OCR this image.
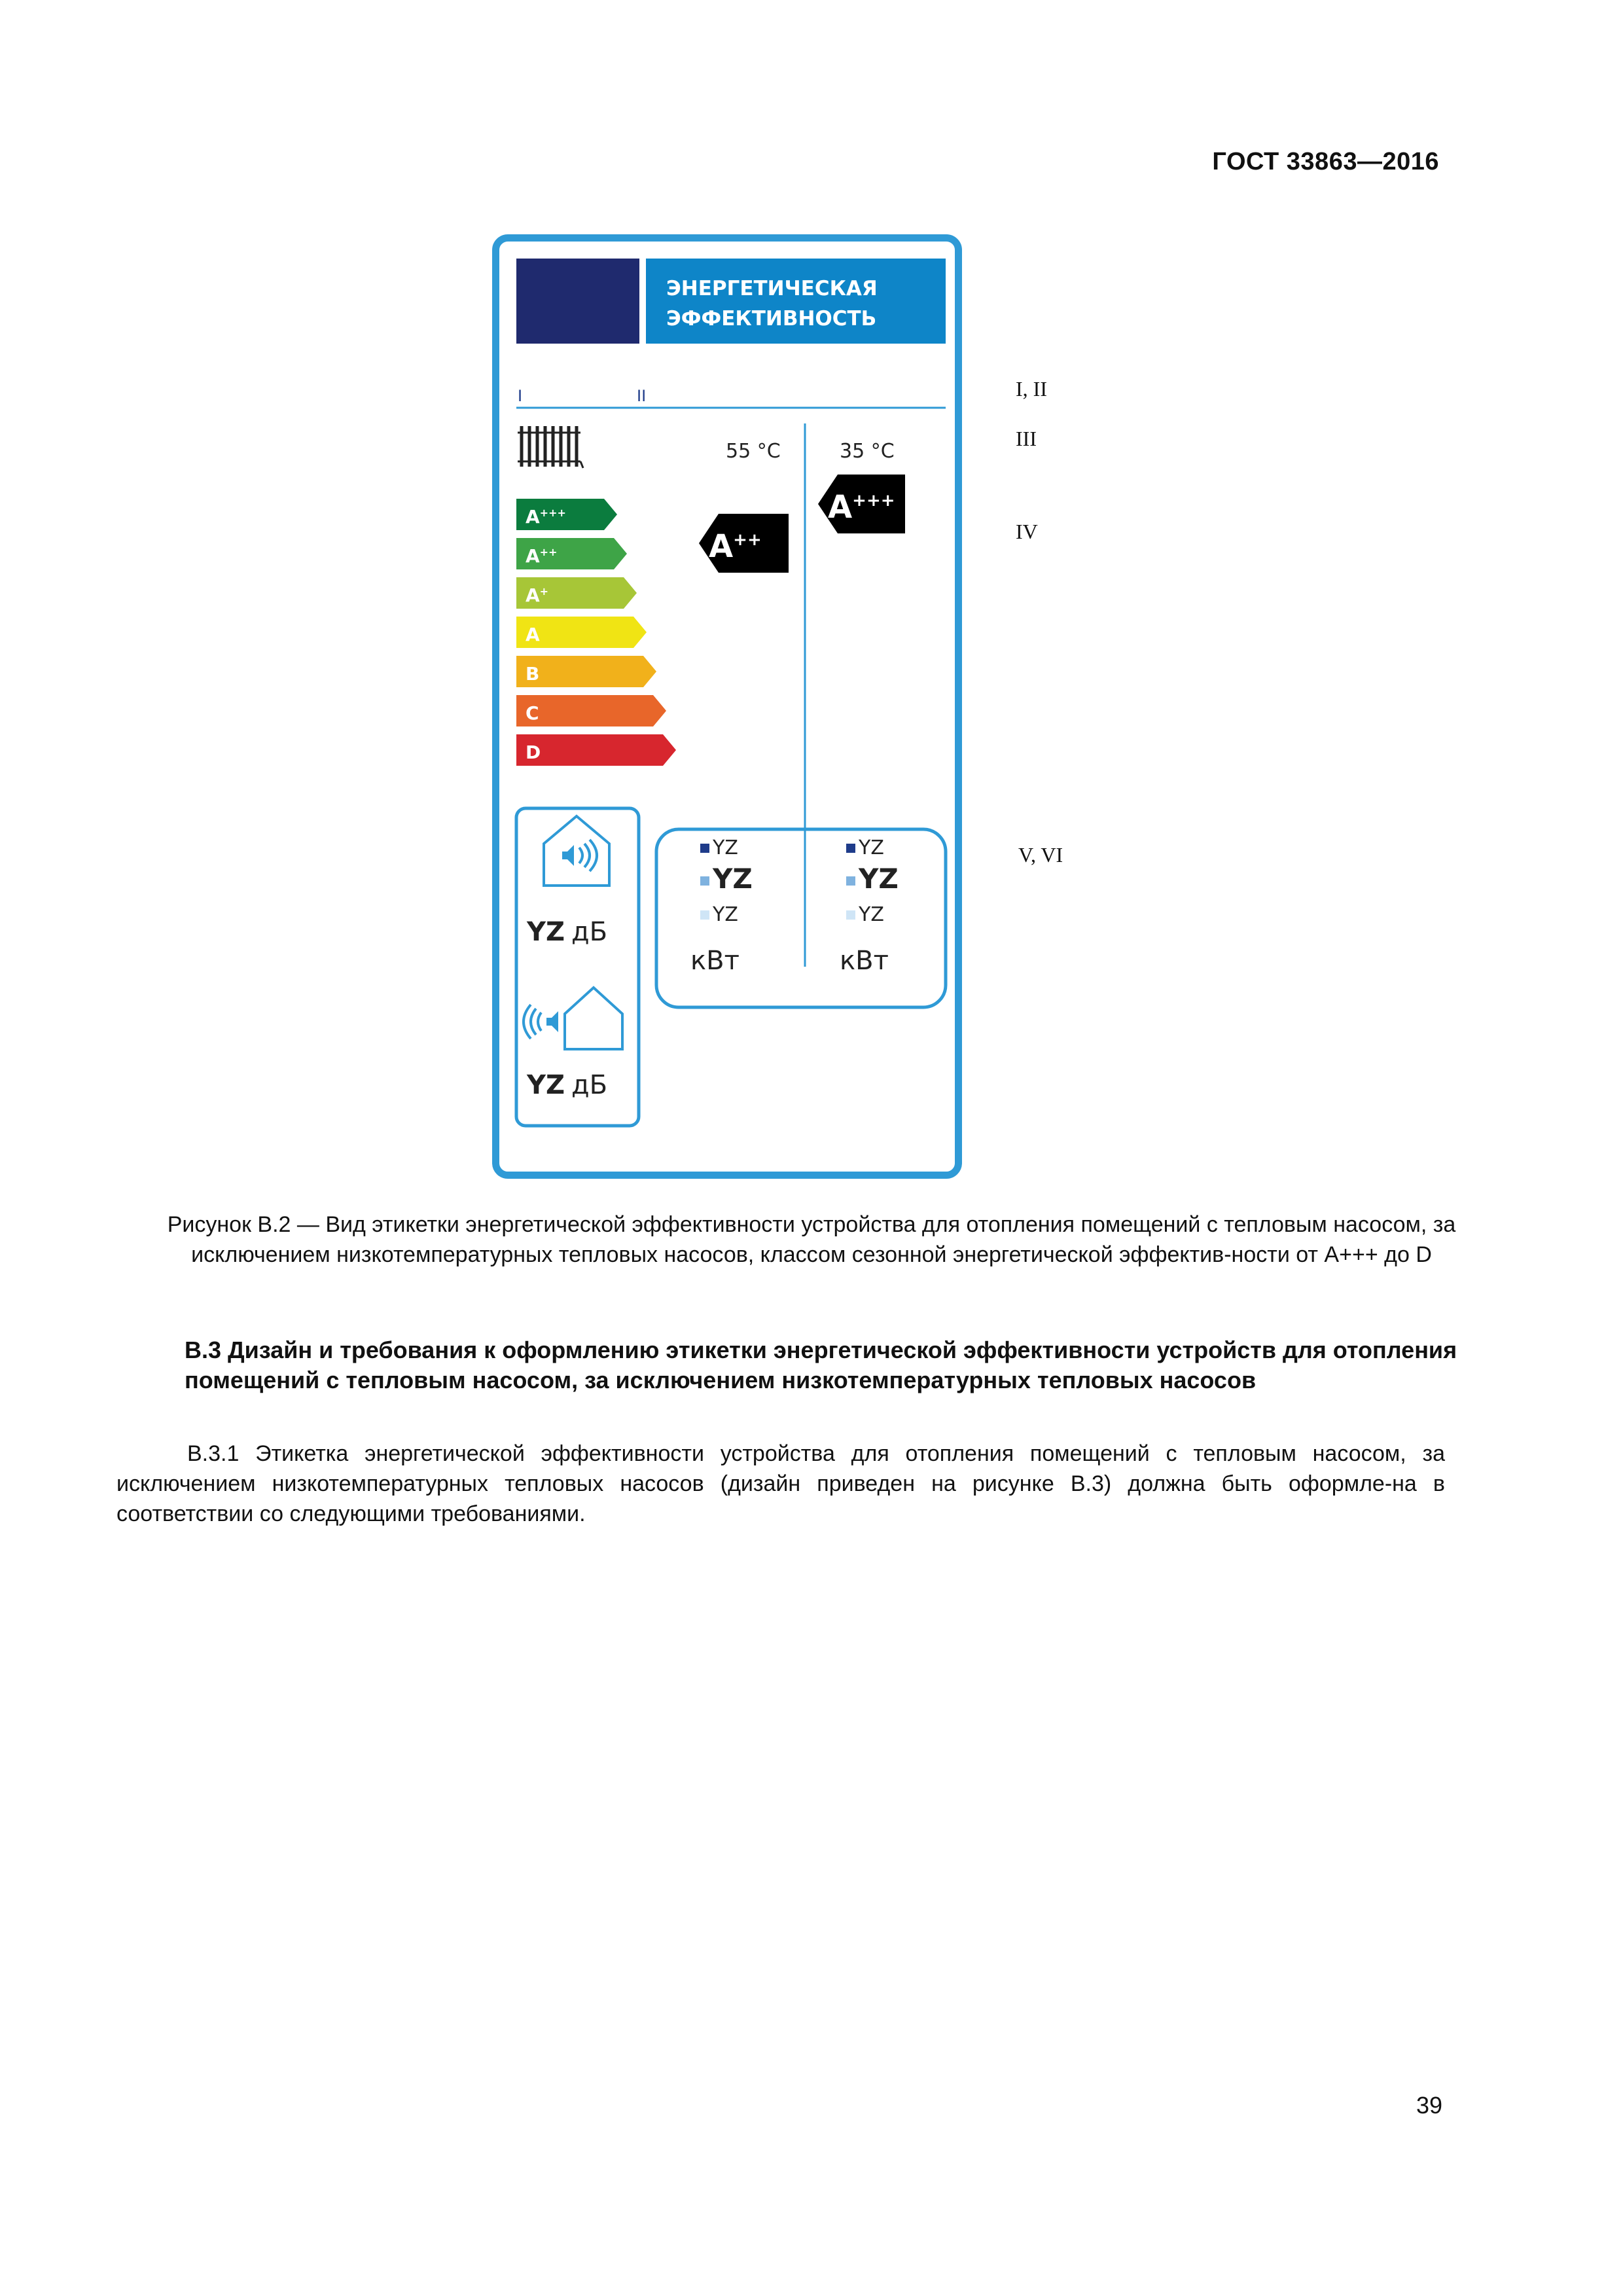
ГОСТ 33863—2016
ЭНЕРГЕТИЧЕСКАЯ
ЭФФЕКТИВНОСТЬ
I	II
55 °C	35 °C
A+++
A++
A+
A
B
C
D
A++
A+++
YZ дБ
YZ дБ
YZ
YZ
YZ
кВт
YZ
YZ
YZ
кВт
I, II
III
IV
V, VI
Рисунок В.2 — Вид этикетки энергетической эффективности устройства для отопления помещений с тепловым насосом, за исключением низкотемпературных тепловых насосов, классом сезонной энергетической эффектив-ности от А+++ до D
В.3 Дизайн и требования к оформлению этикетки энергетической эффективности устройств для отопления помещений с тепловым насосом, за исключением низкотемпературных тепловых насосов
В.3.1 Этикетка энергетической эффективности устройства для отопления помещений с тепловым насосом, за исключением низкотемпературных тепловых насосов (дизайн приведен на рисунке В.3) должна быть оформле-на в соответствии со следующими требованиями.
39
